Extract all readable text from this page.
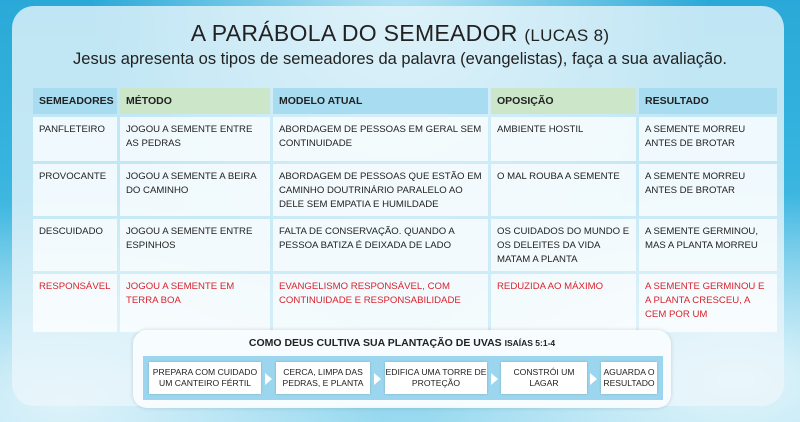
A PARÁBOLA DO SEMEADOR (LUCAS 8)
Jesus apresenta os tipos de semeadores da palavra (evangelistas), faça a sua avaliação.
SEMEADORES	MÉTODO	MODELO ATUAL	OPOSIÇÃO	RESULTADO
PANFLETEIRO	JOGOU A SEMENTE ENTRE AS PEDRAS	ABORDAGEM DE PESSOAS EM GERAL SEM CONTINUIDADE	AMBIENTE HOSTIL	A SEMENTE MORREU ANTES DE BROTAR
PROVOCANTE	JOGOU A SEMENTE A BEIRA DO CAMINHO	ABORDAGEM DE PESSOAS QUE ESTÃO EM CAMINHO DOUTRINÁRIO PARALELO AO DELE SEM EMPATIA E HUMILDADE	O MAL ROUBA A SEMENTE	A SEMENTE MORREU ANTES DE BROTAR
DESCUIDADO	JOGOU A SEMENTE ENTRE ESPINHOS	FALTA DE CONSERVAÇÃO. QUANDO A PESSOA BATIZA É DEIXADA DE LADO	OS CUIDADOS DO MUNDO E OS DELEITES DA VIDA MATAM A PLANTA	A SEMENTE GERMINOU, MAS A PLANTA MORREU
RESPONSÁVEL	JOGOU A SEMENTE EM TERRA BOA	EVANGELISMO RESPONSÁVEL, COM CONTINUIDADE E RESPONSABILIDADE	REDUZIDA AO MÁXIMO	A SEMENTE GERMINOU E A PLANTA CRESCEU, A CEM POR UM
COMO DEUS CULTIVA SUA PLANTAÇÃO DE UVAS ISAÍAS 5:1-4
PREPARA COM CUIDADO UM CANTEIRO FÉRTIL
CERCA, LIMPA DAS PEDRAS, E PLANTA
EDIFICA UMA TORRE DE PROTEÇÃO
CONSTRÓI UM LAGAR
AGUARDA O RESULTADO
